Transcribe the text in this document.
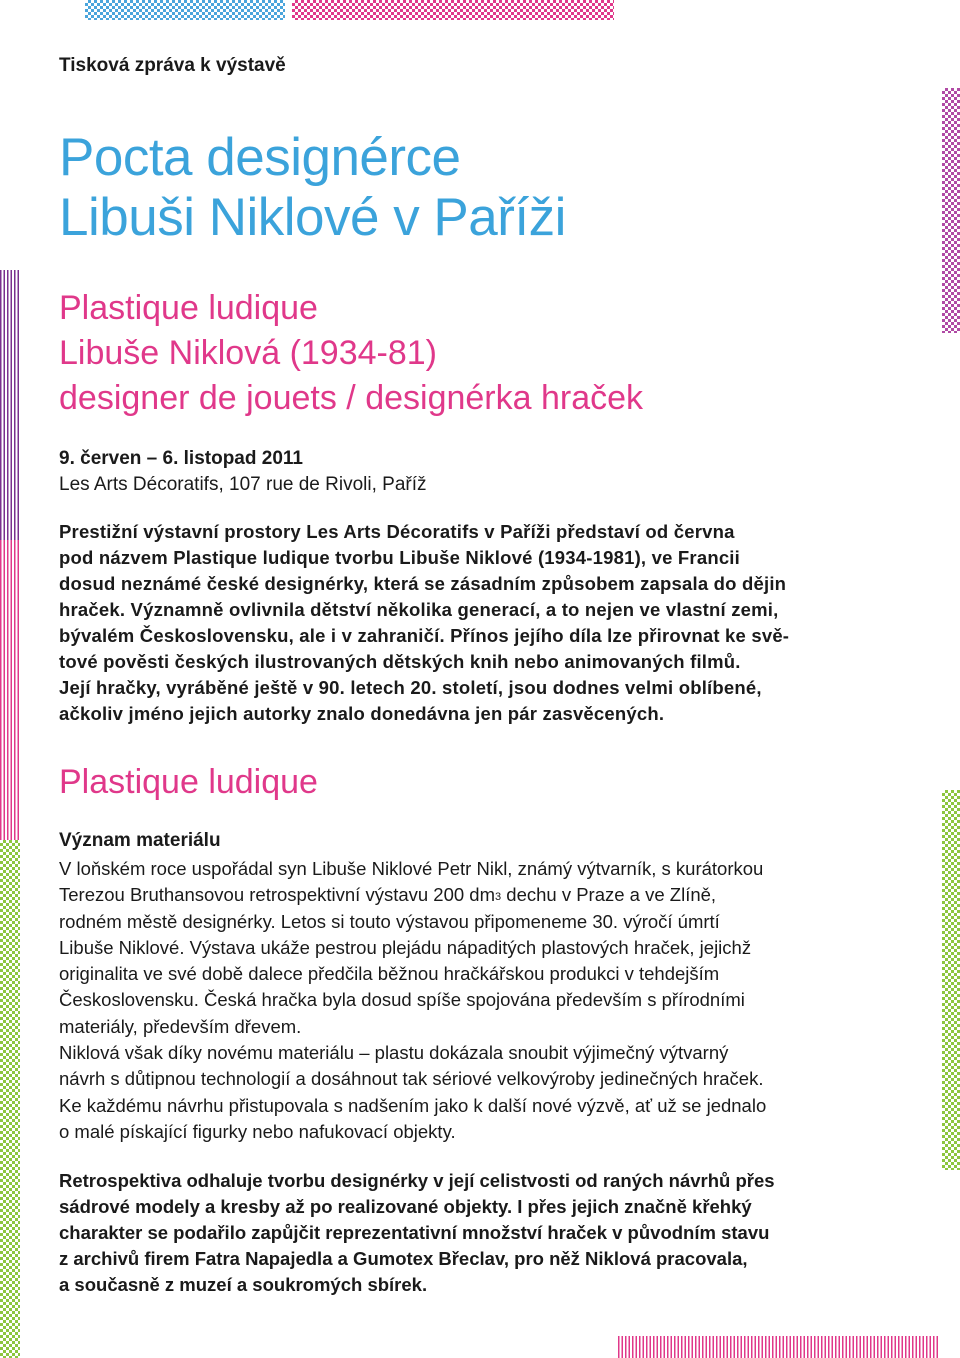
Tisková zpráva k výstavě

Pocta designérce
Libuši Niklové v Paříži
Plastique ludique
Libuše Niklová (1934-81)
designer de jouets / designérka hraček
9. červen – 6. listopad 2011
Les Arts Décoratifs, 107 rue de Rivoli, Paříž

Prestižní výstavní prostory Les Arts Décoratifs v Paříži představí od června
pod názvem Plastique ludique tvorbu Libuše Niklové (1934-1981), ve Francii
dosud neznámé české designérky, která se zásadním způsobem zapsala do dějin
hraček. Významně ovlivnila dětství několika generací, a to nejen ve vlastní zemi,
bývalém Československu, ale i v zahraničí. Přínos jejího díla lze přirovnat ke svě-
tové pověsti českých ilustrovaných dětských knih nebo animovaných filmů.
Její hračky, vyráběné ještě v 90. letech 20. století, jsou dodnes velmi oblíbené,
ačkoliv jméno jejich autorky znalo donedávna jen pár zasvěcených.

Plastique ludique

Význam materiálu

V loňském roce uspořádal syn Libuše Niklové Petr Nikl, známý výtvarník, s kurátorkou
Terezou Bruthansovou retrospektivní výstavu 200 $dm^3$ dechu v Praze a ve Zlíně,
rodném městě designérky. Letos si touto výstavou připomeneme 30. výročí úmrtí
Libuše Niklové. Výstava ukáže pestrou plejádu nápaditých plastových hraček, jejichž
originalita ve své době dalece předčila běžnou hračkářskou produkci v tehdejším
Československu. Česká hračka byla dosud spíše spojována především s přírodními
materiály, především dřevem.
Niklová však díky novému materiálu – plastu dokázala snoubit výjimečný výtvarný
návrh s důtipnou technologií a dosáhnout tak sériové velkovýroby jedinečných hraček.
Ke každému návrhu přistupovala s nadšením jako k další nové výzvě, ať už se jednalo
o malé pískající figurky nebo nafukovací objekty.

Retrospektiva odhaluje tvorbu designérky v její celistvosti od raných návrhů přes
sádrové modely a kresby až po realizované objekty. I přes jejich značně křehký
charakter se podařilo zapůjčit reprezentativní množství hraček v původním stavu
z archivů firem Fatra Napajedla a Gumotex Břeclav, pro něž Niklová pracovala,
a současně z muzeí a soukromých sbírek.
